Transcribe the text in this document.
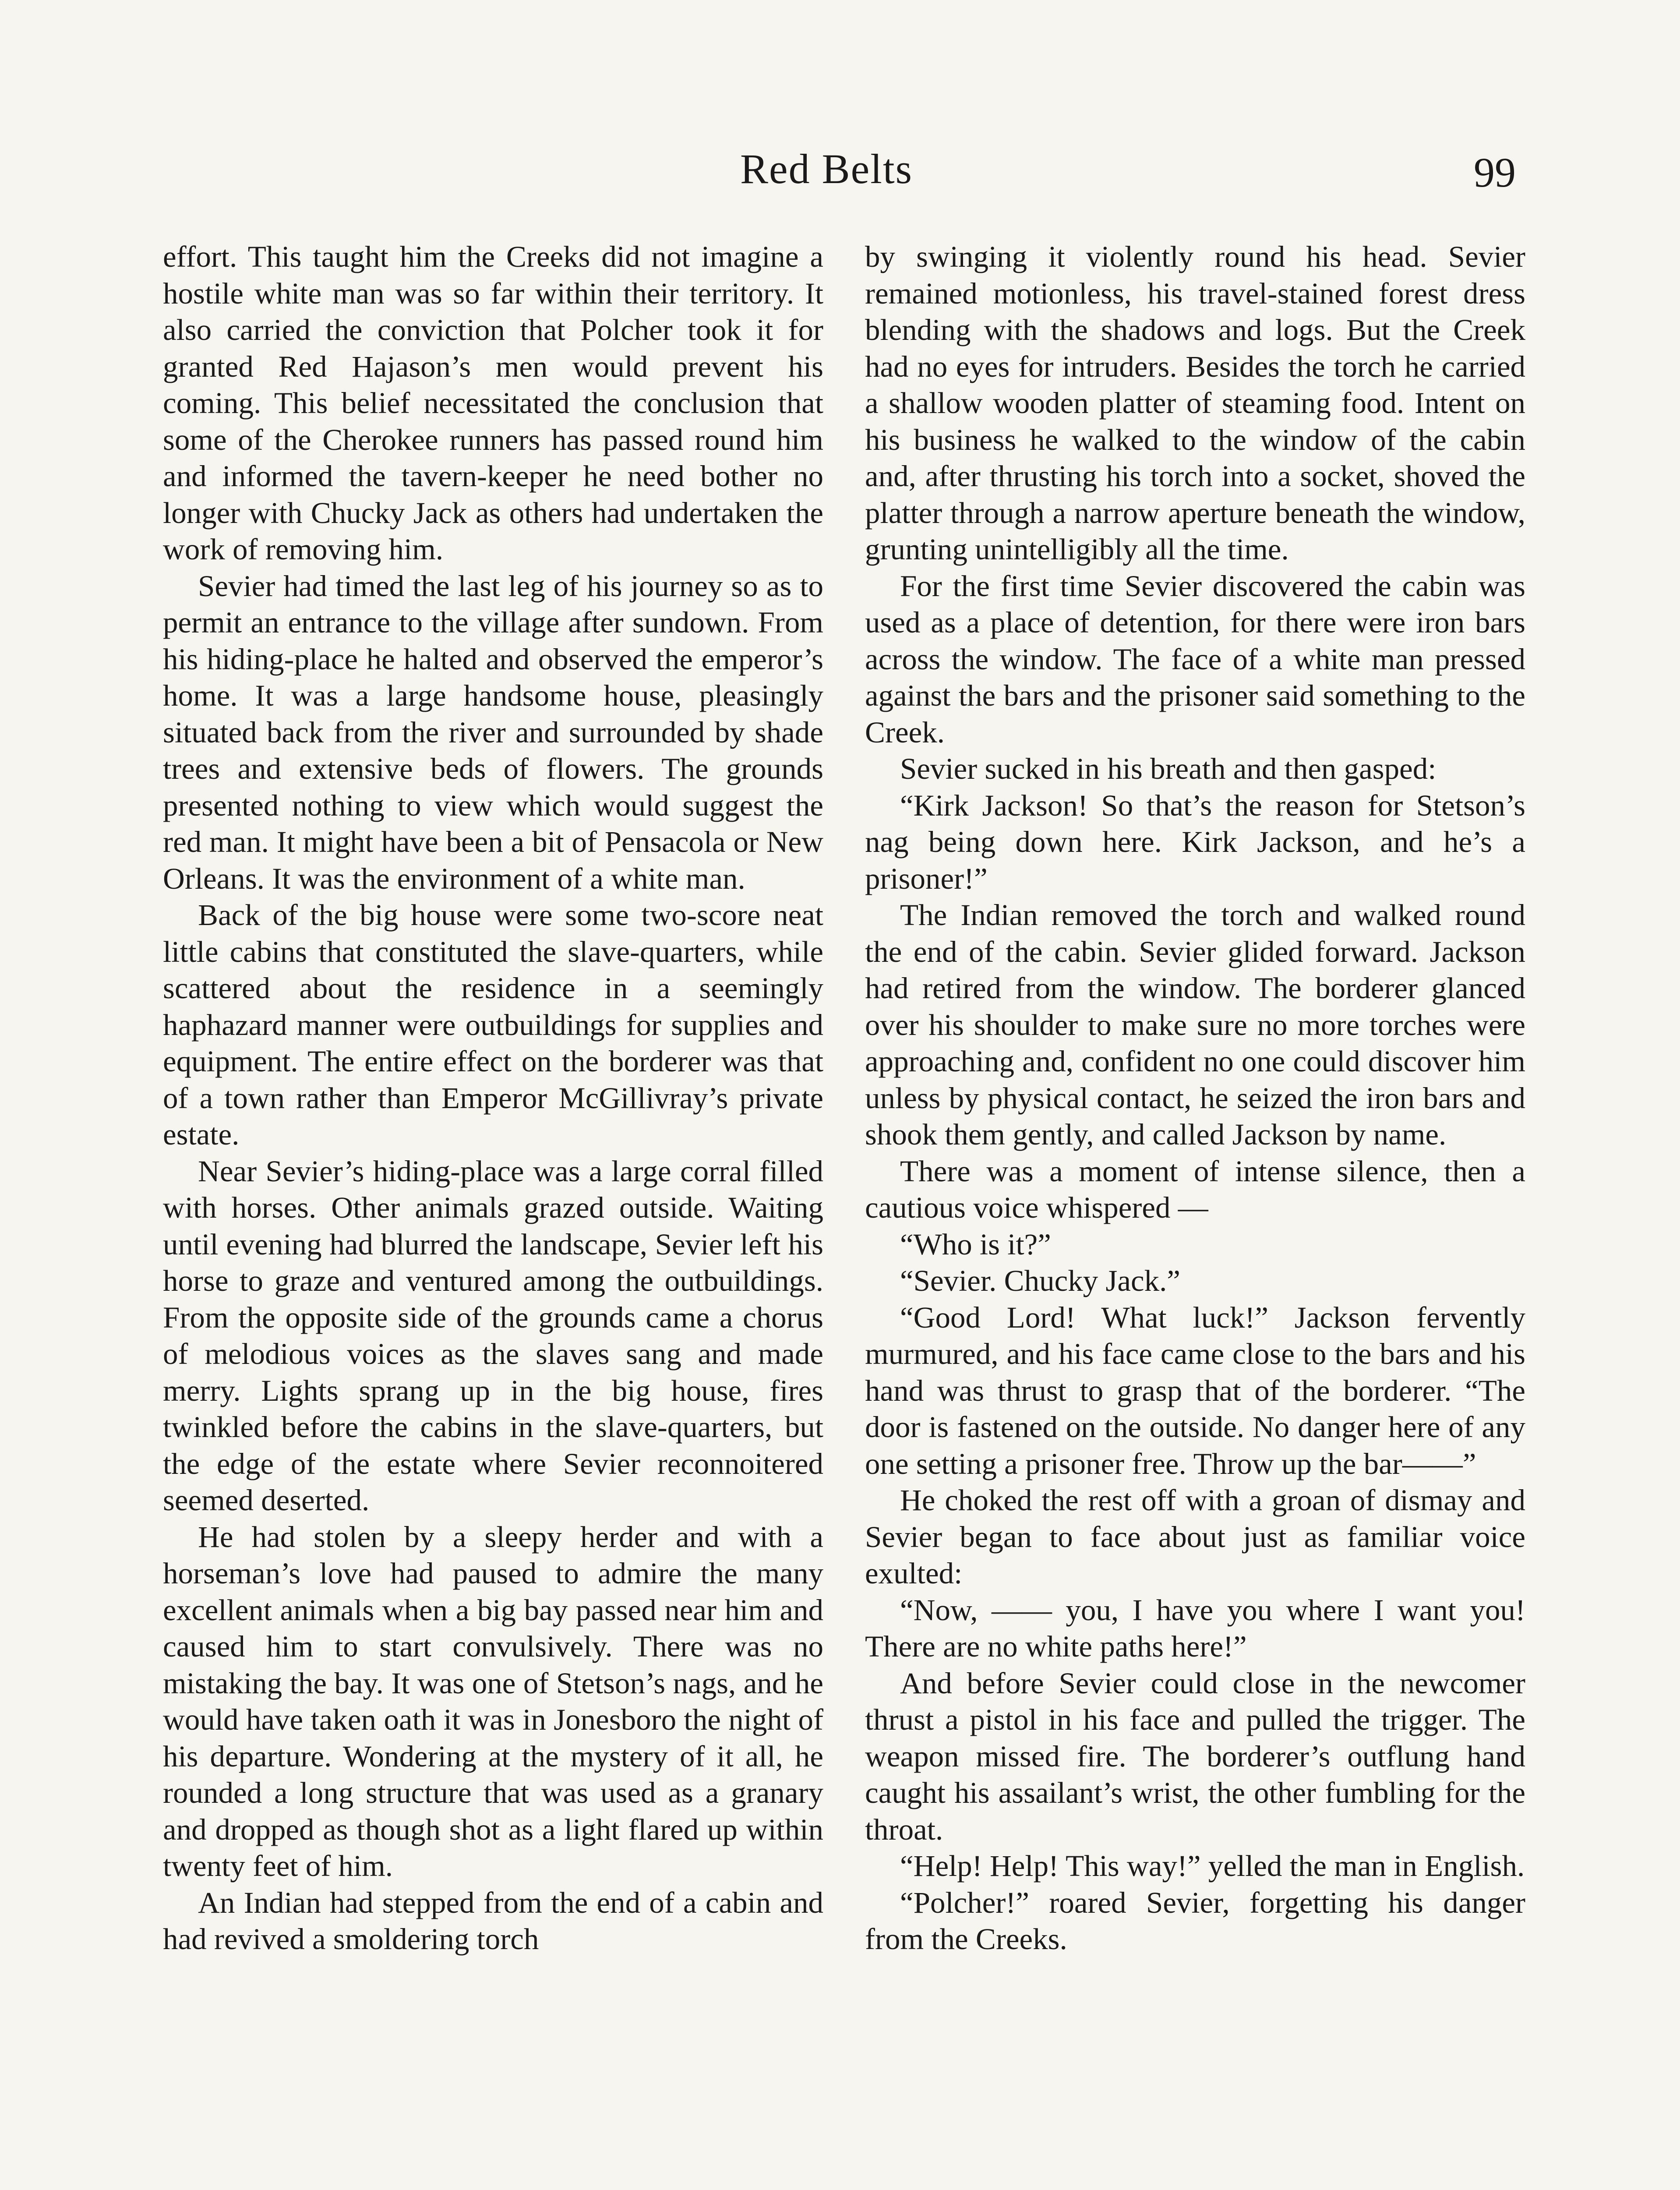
Red Belts	99

effort. This taught him the Creeks did not imagine a hostile white man was so far within their territory. It also carried the conviction that Polcher took it for granted Red Hajason’s men would prevent his coming. This belief necessitated the conclusion that some of the Cherokee runners has passed round him and informed the tavern-keeper he need bother no longer with Chucky Jack as others had undertaken the work of removing him.

Sevier had timed the last leg of his journey so as to permit an entrance to the village after sundown. From his hiding-place he halted and observed the emperor’s home. It was a large handsome house, pleasingly situated back from the river and surrounded by shade trees and extensive beds of flowers. The grounds presented nothing to view which would suggest the red man. It might have been a bit of Pensacola or New Orleans. It was the environment of a white man.

Back of the big house were some two-score neat little cabins that constituted the slave-quarters, while scattered about the residence in a seemingly haphazard manner were outbuildings for supplies and equipment. The entire effect on the borderer was that of a town rather than Emperor McGillivray’s private estate.

Near Sevier’s hiding-place was a large corral filled with horses. Other animals grazed outside. Waiting until evening had blurred the landscape, Sevier left his horse to graze and ventured among the outbuildings. From the opposite side of the grounds came a chorus of melodious voices as the slaves sang and made merry. Lights sprang up in the big house, fires twinkled before the cabins in the slave-quarters, but the edge of the estate where Sevier reconnoitered seemed deserted.

He had stolen by a sleepy herder and with a horseman’s love had paused to admire the many excellent animals when a big bay passed near him and caused him to start convulsively. There was no mistaking the bay. It was one of Stetson’s nags, and he would have taken oath it was in Jonesboro the night of his departure. Wondering at the mystery of it all, he rounded a long structure that was used as a granary and dropped as though shot as a light flared up within twenty feet of him.

An Indian had stepped from the end of a cabin and had revived a smoldering torch

by swinging it violently round his head. Sevier remained motionless, his travel-stained forest dress blending with the shadows and logs. But the Creek had no eyes for intruders. Besides the torch he carried a shallow wooden platter of steaming food. Intent on his business he walked to the window of the cabin and, after thrusting his torch into a socket, shoved the platter through a narrow aperture beneath the window, grunting unintelligibly all the time.

For the first time Sevier discovered the cabin was used as a place of detention, for there were iron bars across the window. The face of a white man pressed against the bars and the prisoner said something to the Creek.

Sevier sucked in his breath and then gasped:

“Kirk Jackson! So that’s the reason for Stetson’s nag being down here. Kirk Jackson, and he’s a prisoner!”

The Indian removed the torch and walked round the end of the cabin. Sevier glided forward. Jackson had retired from the window. The borderer glanced over his shoulder to make sure no more torches were approaching and, confident no one could discover him unless by physical contact, he seized the iron bars and shook them gently, and called Jackson by name.

There was a moment of intense silence, then a cautious voice whispered —

“Who is it?”

“Sevier. Chucky Jack.”

“Good Lord! What luck!” Jackson fervently murmured, and his face came close to the bars and his hand was thrust to grasp that of the borderer. “The door is fastened on the outside. No danger here of any one setting a prisoner free. Throw up the bar——”

He choked the rest off with a groan of dismay and Sevier began to face about just as familiar voice exulted:

“Now, —— you, I have you where I want you! There are no white paths here!”

And before Sevier could close in the newcomer thrust a pistol in his face and pulled the trigger. The weapon missed fire. The borderer’s outflung hand caught his assailant’s wrist, the other fumbling for the throat.

“Help! Help! This way!” yelled the man in English.

“Polcher!” roared Sevier, forgetting his danger from the Creeks.
